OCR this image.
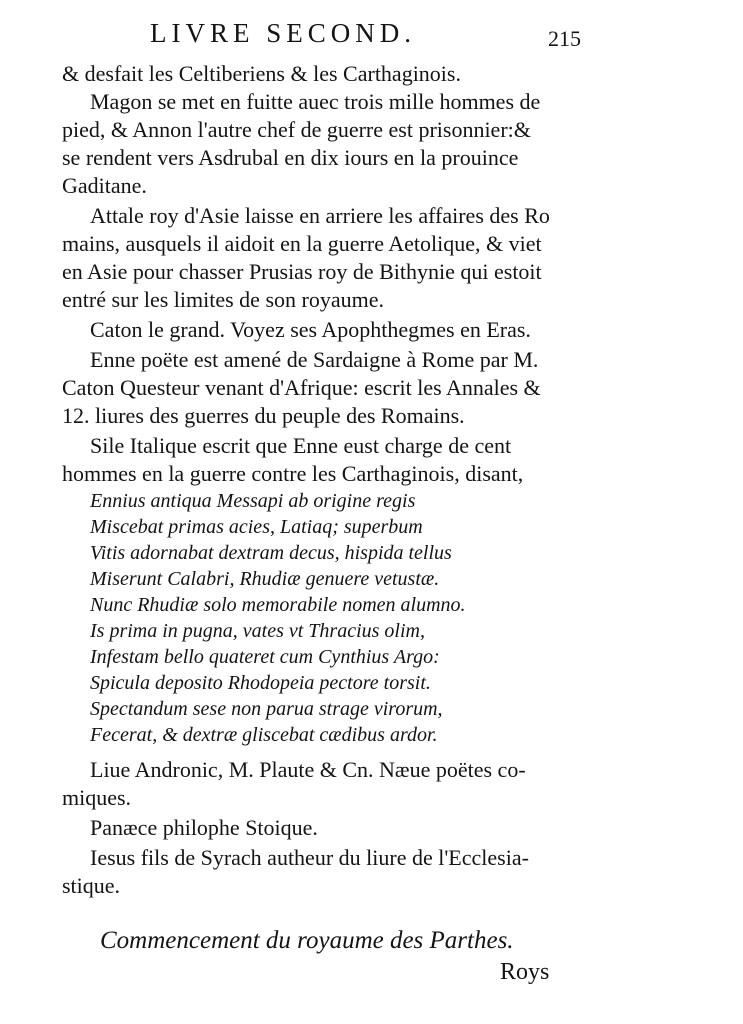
LIVRE SECOND.	215
& desfait les Celtiberiens & les Carthaginois.
Magon se met en fuitte auec trois mille hommes de
pied, & Annon l'autre chef de guerre est prisonnier:&
se rendent vers Asdrubal en dix iours en la prouince
Gaditane.
Attale roy d'Asie laisse en arriere les affaires des Ro
mains, ausquels il aidoit en la guerre Aetolique, & viet
en Asie pour chasser Prusias roy de Bithynie qui estoit
entré sur les limites de son royaume.
Caton le grand. Voyez ses Apophthegmes en Eras.
Enne poëte est amené de Sardaigne à Rome par M.
Caton Questeur venant d'Afrique: escrit les Annales &
12. liures des guerres du peuple des Romains.
Sile Italique escrit que Enne eust charge de cent
hommes en la guerre contre les Carthaginois, disant,
Ennius antiqua Messapi ab origine regis
Miscebat primas acies, Latiaq; superbum
Vitis adornabat dextram decus, hispida tellus
Miserunt Calabri, Rhudiæ genuere vetustæ.
Nunc Rhudiæ solo memorabile nomen alumno.
Is prima in pugna, vates vt Thracius olim,
Infestam bello quateret cum Cynthius Argo:
Spicula deposito Rhodopeia pectore torsit.
Spectandum sese non parua strage virorum,
Fecerat, & dextræ gliscebat cædibus ardor.
Liue Andronic, M. Plaute & Cn. Næue poëtes co-
miques.
Panæce philophe Stoique.
Iesus fils de Syrach autheur du liure de l'Ecclesia-
stique.
Commencement du royaume des Parthes.
Roys
